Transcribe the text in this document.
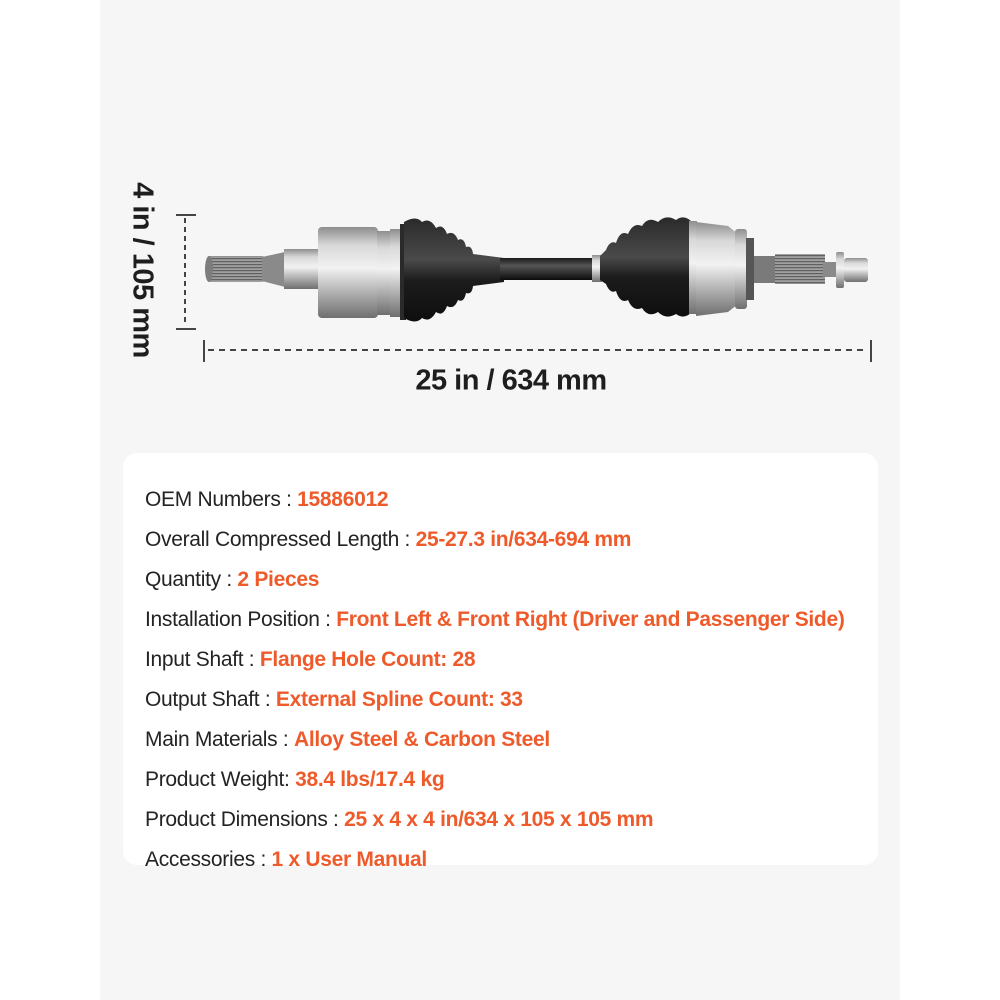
4 in / 105 mm
25 in / 634 mm
OEM Numbers : 15886012
Overall Compressed Length : 25-27.3 in/634-694 mm
Quantity : 2 Pieces
Installation Position : Front Left & Front Right (Driver and Passenger Side)
Input Shaft : Flange Hole Count: 28
Output Shaft : External Spline Count: 33
Main Materials : Alloy Steel & Carbon Steel
Product Weight: 38.4 lbs/17.4 kg
Product Dimensions : 25 x 4 x 4 in/634 x 105 x 105 mm
Accessories : 1 x User Manual
